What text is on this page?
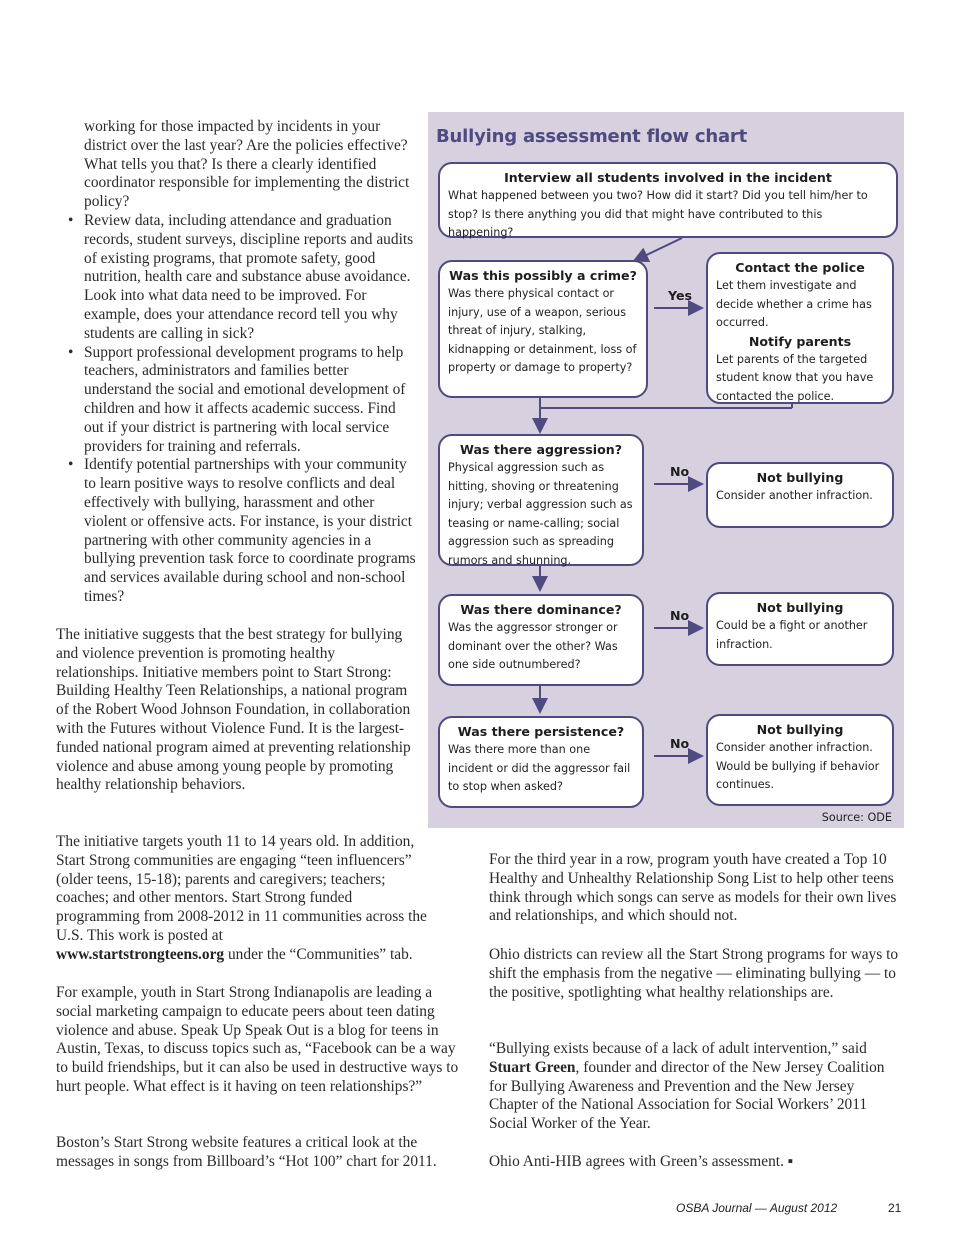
working for those impacted by incidents in your district over the last year? Are the policies effective? What tells you that? Is there a clearly identified coordinator responsible for implementing the district policy?

• Review data, including attendance and graduation records, student surveys, discipline reports and audits of existing programs, that promote safety, good nutrition, health care and substance abuse avoidance. Look into what data need to be improved. For example, does your attendance record tell you why students are calling in sick?
• Support professional development programs to help teachers, administrators and families better understand the social and emotional development of children and how it affects academic success. Find out if your district is partnering with local service providers for training and referrals.
• Identify potential partnerships with your community to learn positive ways to resolve conflicts and deal effectively with bullying, harassment and other violent or offensive acts. For instance, is your district partnering with other community agencies in a bullying prevention task force to coordinate programs and services available during school and non-school times?

The initiative suggests that the best strategy for bullying and violence prevention is promoting healthy relationships. Initiative members point to Start Strong: Building Healthy Teen Relationships, a national program of the Robert Wood Johnson Foundation, in collaboration with the Futures without Violence Fund. It is the largest-funded national program aimed at preventing relationship violence and abuse among young people by promoting healthy relationship behaviors.

The initiative targets youth 11 to 14 years old. In addition, Start Strong communities are engaging “teen influencers” (older teens, 15-18); parents and caregivers; teachers; coaches; and other mentors. Start Strong funded programming from 2008-2012 in 11 communities across the U.S. This work is posted at
www.startstrongteens.org under the “Communities” tab.

For example, youth in Start Strong Indianapolis are leading a social marketing campaign to educate peers about teen dating violence and abuse. Speak Up Speak Out is a blog for teens in Austin, Texas, to discuss topics such as, “Facebook can be a way to build friendships, but it can also be used in destructive ways to hurt people. What effect is it having on teen relationships?”

Boston’s Start Strong website features a critical look at the messages in songs from Billboard’s “Hot 100” chart for 2011.

Bullying assessment flow chart
Interview all students involved in the incident
What happened between you two? How did it start? Did you tell him/her to stop? Is there anything you did that might have contributed to this happening?
Was this possibly a crime?
Was there physical contact or injury, use of a weapon, serious threat of injury, stalking, kidnapping or detainment, loss of property or damage to property?
Yes
Contact the police
Let them investigate and decide whether a crime has occurred.
Notify parents
Let parents of the targeted student know that you have contacted the police.
Was there aggression?
Physical aggression such as hitting, shoving or threatening injury; verbal aggression such as teasing or name-calling; social aggression such as spreading rumors and shunning.
No	Not bullying
Consider another infraction.
Was there dominance?
Was the aggressor stronger or dominant over the other? Was one side outnumbered?
No
Not bullying
Could be a fight or another infraction.
Was there persistence?
Was there more than one incident or did the aggressor fail to stop when asked?
No
Not bullying
Consider another infraction. Would be bullying if behavior continues.
Source: ODE

For the third year in a row, program youth have created a Top 10 Healthy and Unhealthy Relationship Song List to help other teens think through which songs can serve as models for their own lives and relationships, and which should not.

Ohio districts can review all the Start Strong programs for ways to shift the emphasis from the negative — eliminating bullying — to the positive, spotlighting what healthy relationships are.

“Bullying exists because of a lack of adult intervention,” said Stuart Green, founder and director of the New Jersey Coalition for Bullying Awareness and Prevention and the New Jersey Chapter of the National Association for Social Workers’ 2011 Social Worker of the Year.

Ohio Anti-HIB agrees with Green’s assessment. ▪

OSBA Journal — August 2012	21
